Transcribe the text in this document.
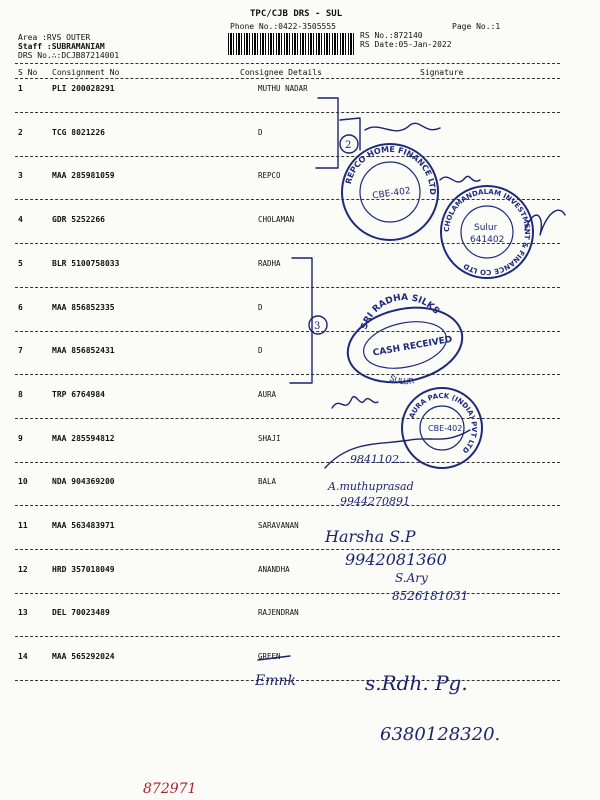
TPC/CJB DRS - SUL
Phone No.:0422-3505555	Page No.:1
Area :RVS OUTER
Staff :SUBRAMANIAM
DRS No.∴:DCJB87214001
RS No.:872140
RS Date:05-Jan-2022
S No Consignment No	Consignee Details	Signature
1	PLI 200028291	MUTHU NADAR
2	TCG 8021226	D
3	MAA 285981059	REPCO
4	GDR 5252266	CHOLAMAN
5	BLR 5100758033	RADHA
6	MAA 856852335	D
7	MAA 856852431	D
8	TRP 6764984	AURA
9	MAA 285594812	SHAJI
10	NDA 904369200	BALA
11	MAA 563483971	SARAVANAN
12	HRD 357018049	ANANDHA
13	DEL 70023489	RAJENDRAN
14	MAA 565292024	GREEN
2
REPCO HOME FINANCE LTD
CBE-402
CHOLAMANDALAM INVESTMENT & FINANCE CO LTD
Sulur
641402
3	SRI RADHA SILKS
CASH RECEIVED
SULUR
AURA PACK (INDIA) PVT LTD
CBE-402
9841102...
A.muthuprasad
9944270891
Harsha S.P
9942081360
S.Ary
8526181031
Emnk	s.Rdh. Pg.
6380128320.
872971
